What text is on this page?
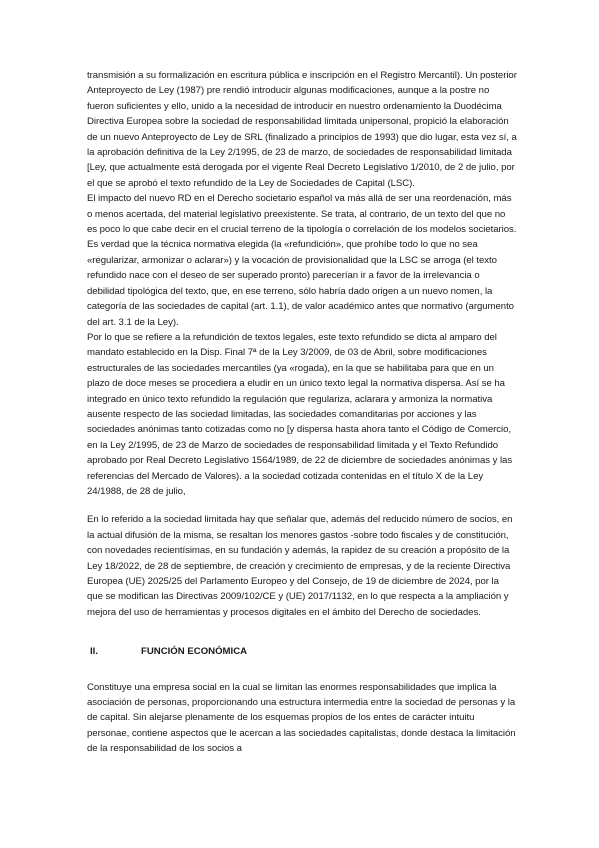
transmisión a su formalización en escritura pública e inscripción en el Registro Mercantil). Un posterior Anteproyecto de Ley (1987) pre rendió introducir algunas modificaciones, aunque a la postre no fueron suficientes y ello, unido a la necesidad de introducir en nuestro ordenamiento la Duodécima Directiva Europea sobre la sociedad de responsabilidad limitada unipersonal, propició la elaboración de un nuevo Anteproyecto de Ley de SRL (finalizado a principios de 1993) que dio lugar, esta vez sí, a la aprobación definitiva de la Ley 2/1995, de 23 de marzo, de sociedades de responsabilidad limitada [Ley, que actualmente está derogada por el vigente Real Decreto Legislativo 1/2010, de 2 de julio, por el que se aprobó el texto refundido de la Ley de Sociedades de Capital (LSC).

El impacto del nuevo RD en el Derecho societario español va más allá de ser una reordenación, más o menos acertada, del material legislativo preexistente. Se trata, al contrario, de un texto del que no es poco lo que cabe decir en el crucial terreno de la tipología o correlación de los modelos societarios. Es verdad que la técnica normativa elegida (la «refundición», que prohíbe todo lo que no sea «regularizar, armonizar o aclarar») y la vocación de provisionalidad que la LSC se arroga (el texto refundido nace con el deseo de ser superado pronto) parecerían ir a favor de la irrelevancia o debilidad tipológica del texto, que, en ese terreno, sólo habría dado origen a un nuevo nomen, la categoría de las sociedades de capital (art. 1.1), de valor académico antes que normativo (argumento del art. 3.1 de la Ley).

Por lo que se refiere a la refundición de textos legales, este texto refundido se dicta al amparo del mandato establecido en la Disp. Final 7ª de la Ley 3/2009, de 03 de Abril, sobre modificaciones estructurales de las sociedades mercantiles (ya «rogada), en la que se habilitaba para que en un plazo de doce meses se procediera a eludir en un único texto legal la normativa dispersa. Así se ha integrado en único texto refundido la regulación que regulariza, aclarara y armoniza la normativa ausente respecto de las sociedad limitadas, las sociedades comanditarias por acciones y las sociedades anónimas tanto cotizadas como no [y dispersa hasta ahora tanto el Código de Comercio, en la Ley 2/1995, de 23 de Marzo de sociedades de responsabilidad limitada y el Texto Refundido aprobado por Real Decreto Legislativo 1564/1989, de 22 de diciembre de sociedades anónimas y las referencias del Mercado de Valores). a la sociedad cotizada contenidas en el título X de la Ley 24/1988, de 28 de julio,

En lo referido a la sociedad limitada hay que señalar que, además del reducido número de socios, en la actual difusión de la misma, se resaltan los menores gastos -sobre todo fiscales y de constitución, con novedades recientísimas, en su fundación y además, la rapidez de su creación a propósito de la Ley 18/2022, de 28 de septiembre, de creación y crecimiento de empresas, y de la reciente Directiva Europea (UE) 2025/25 del Parlamento Europeo y del Consejo, de 19 de diciembre de 2024, por la que se modifican las Directivas 2009/102/CE y (UE) 2017/1132, en lo que respecta a la ampliación y mejora del uso de herramientas y procesos digitales en el ámbito del Derecho de sociedades.

II.	FUNCIÓN ECONÓMICA

Constituye una empresa social en la cual se limitan las enormes responsabilidades que implica la asociación de personas, proporcionando una estructura intermedia entre la sociedad de personas y la de capital. Sin alejarse plenamente de los esquemas propios de los entes de carácter intuitu personae, contiene aspectos que le acercan a las sociedades capitalistas, donde destaca la limitación de la responsabilidad de los socios a
